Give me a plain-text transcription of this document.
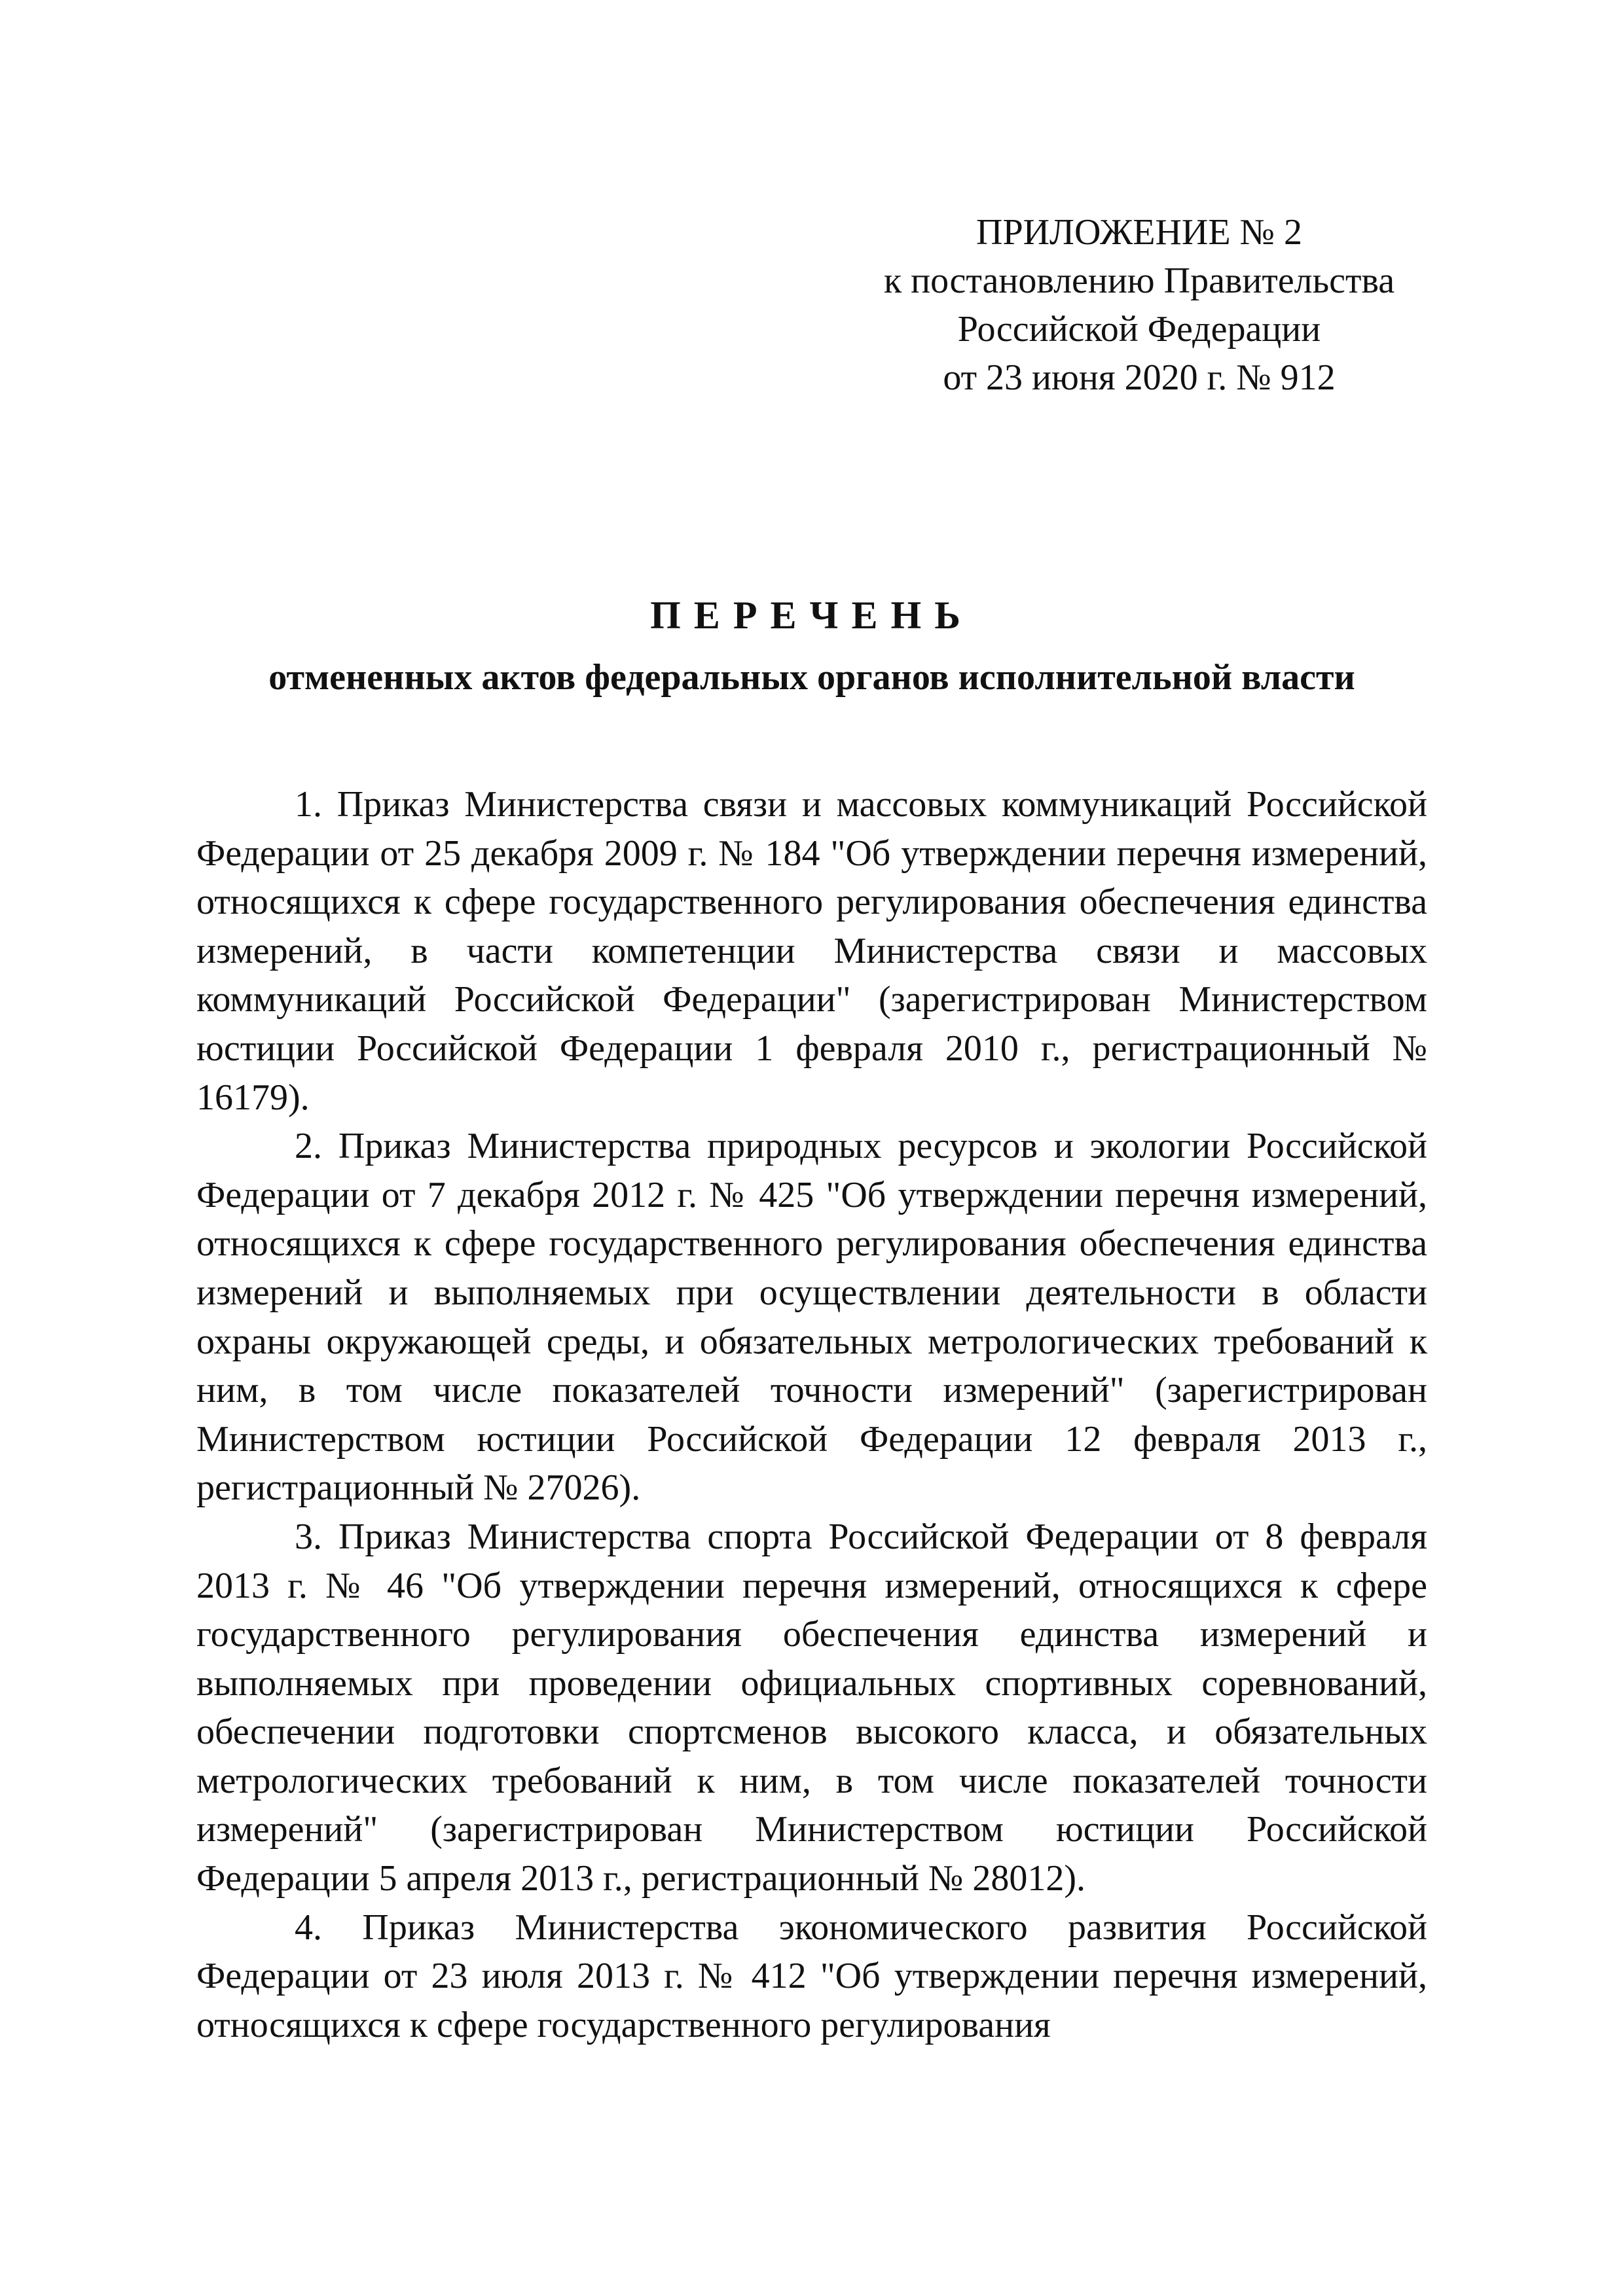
ПРИЛОЖЕНИЕ № 2
к постановлению Правительства
Российской Федерации
от 23 июня 2020 г. № 912
ПЕРЕЧЕНЬ
отмененных актов федеральных органов исполнительной власти

1. Приказ Министерства связи и массовых коммуникаций Российской Федерации от 25 декабря 2009 г. № 184 "Об утверждении перечня измерений, относящихся к сфере государственного регулирования обеспечения единства измерений, в части компетенции Министерства связи и массовых коммуникаций Российской Федерации" (зарегистрирован Министерством юстиции Российской Федерации 1 февраля 2010 г., регистрационный № 16179).

2. Приказ Министерства природных ресурсов и экологии Российской Федерации от 7 декабря 2012 г. № 425 "Об утверждении перечня измерений, относящихся к сфере государственного регулирования обеспечения единства измерений и выполняемых при осуществлении деятельности в области охраны окружающей среды, и обязательных метрологических требований к ним, в том числе показателей точности измерений" (зарегистрирован Министерством юстиции Российской Федерации 12 февраля 2013 г., регистрационный № 27026).

3. Приказ Министерства спорта Российской Федерации от 8 февраля 2013 г. № 46 "Об утверждении перечня измерений, относящихся к сфере государственного регулирования обеспечения единства измерений и выполняемых при проведении официальных спортивных соревнований, обеспечении подготовки спортсменов высокого класса, и обязательных метрологических требований к ним, в том числе показателей точности измерений" (зарегистрирован Министерством юстиции Российской Федерации 5 апреля 2013 г., регистрационный № 28012).

4. Приказ Министерства экономического развития Российской Федерации от 23 июля 2013 г. № 412 "Об утверждении перечня измерений, относящихся к сфере государственного регулирования
